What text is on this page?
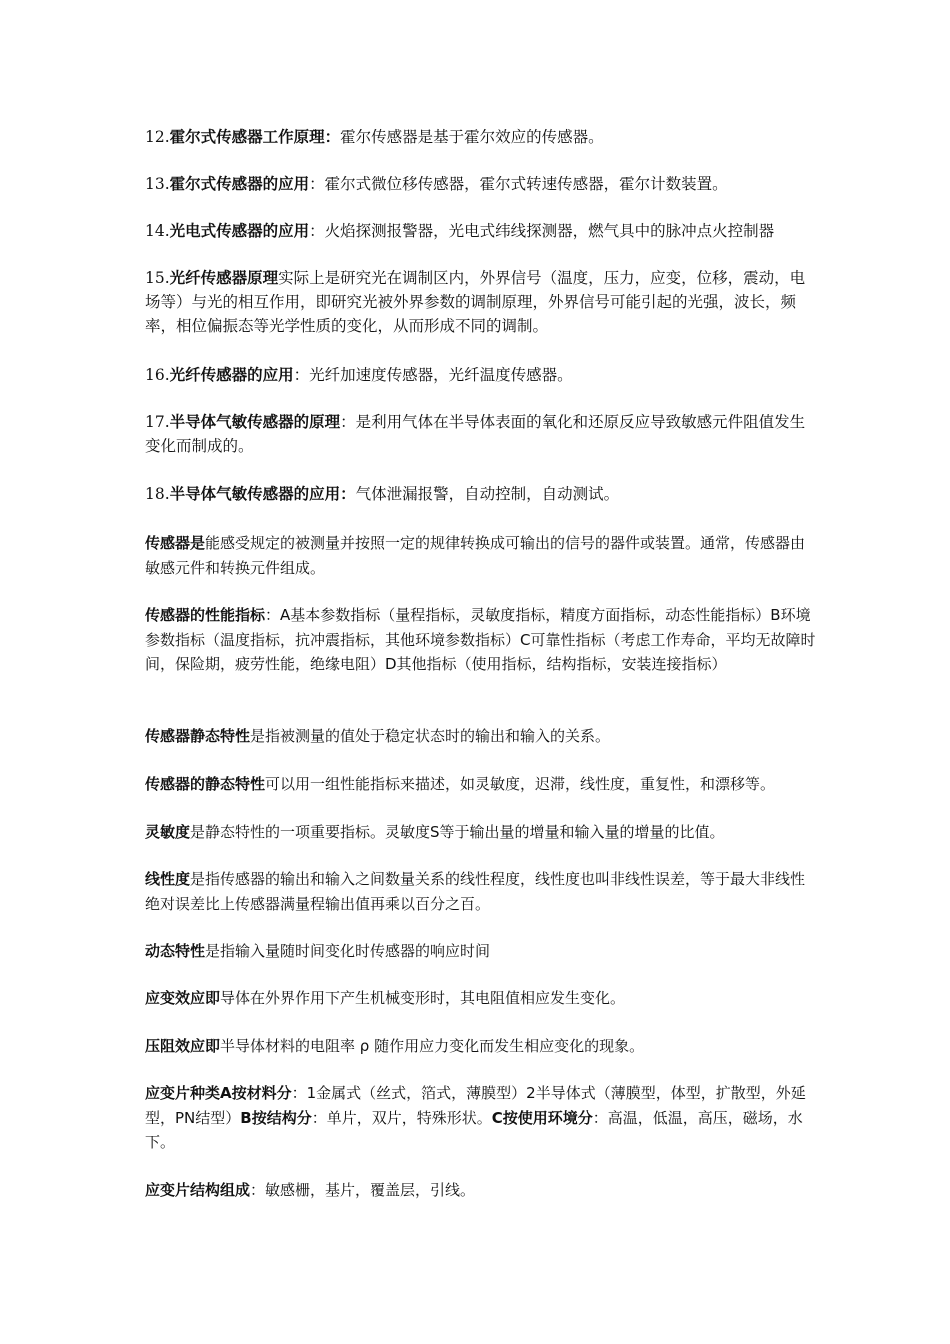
12.霍尔式传感器工作原理：霍尔传感器是基于霍尔效应的传感器。

13.霍尔式传感器的应用：霍尔式微位移传感器，霍尔式转速传感器，霍尔计数装置。

14.光电式传感器的应用：火焰探测报警器，光电式纬线探测器，燃气具中的脉冲点火控制器

15.光纤传感器原理实际上是研究光在调制区内，外界信号（温度，压力，应变，位移，震动，电场等）与光的相互作用，即研究光被外界参数的调制原理，外界信号可能引起的光强，波长，频率，相位偏振态等光学性质的变化，从而形成不同的调制。

16.光纤传感器的应用：光纤加速度传感器，光纤温度传感器。

17.半导体气敏传感器的原理：是利用气体在半导体表面的氧化和还原反应导致敏感元件阻值发生变化而制成的。

18.半导体气敏传感器的应用：气体泄漏报警，自动控制，自动测试。

传感器是能感受规定的被测量并按照一定的规律转换成可输出的信号的器件或装置。通常，传感器由敏感元件和转换元件组成。

传感器的性能指标：A基本参数指标（量程指标，灵敏度指标，精度方面指标，动态性能指标）B环境参数指标（温度指标，抗冲震指标，其他环境参数指标）C可靠性指标（考虑工作寿命，平均无故障时间，保险期，疲劳性能，绝缘电阻）D其他指标（使用指标，结构指标，安装连接指标）

传感器静态特性是指被测量的值处于稳定状态时的输出和输入的关系。

传感器的静态特性可以用一组性能指标来描述，如灵敏度，迟滞，线性度，重复性，和漂移等。

灵敏度是静态特性的一项重要指标。灵敏度S等于输出量的增量和输入量的增量的比值。

线性度是指传感器的输出和输入之间数量关系的线性程度，线性度也叫非线性误差，等于最大非线性绝对误差比上传感器满量程输出值再乘以百分之百。

动态特性是指输入量随时间变化时传感器的响应时间

应变效应即导体在外界作用下产生机械变形时，其电阻值相应发生变化。

压阻效应即半导体材料的电阻率 ρ 随作用应力变化而发生相应变化的现象。

应变片种类A按材料分：1金属式（丝式，箔式，薄膜型）2半导体式（薄膜型，体型，扩散型，外延型，PN结型）B按结构分：单片，双片，特殊形状。C按使用环境分：高温，低温，高压，磁场，水下。

应变片结构组成：敏感栅，基片，覆盖层，引线。
